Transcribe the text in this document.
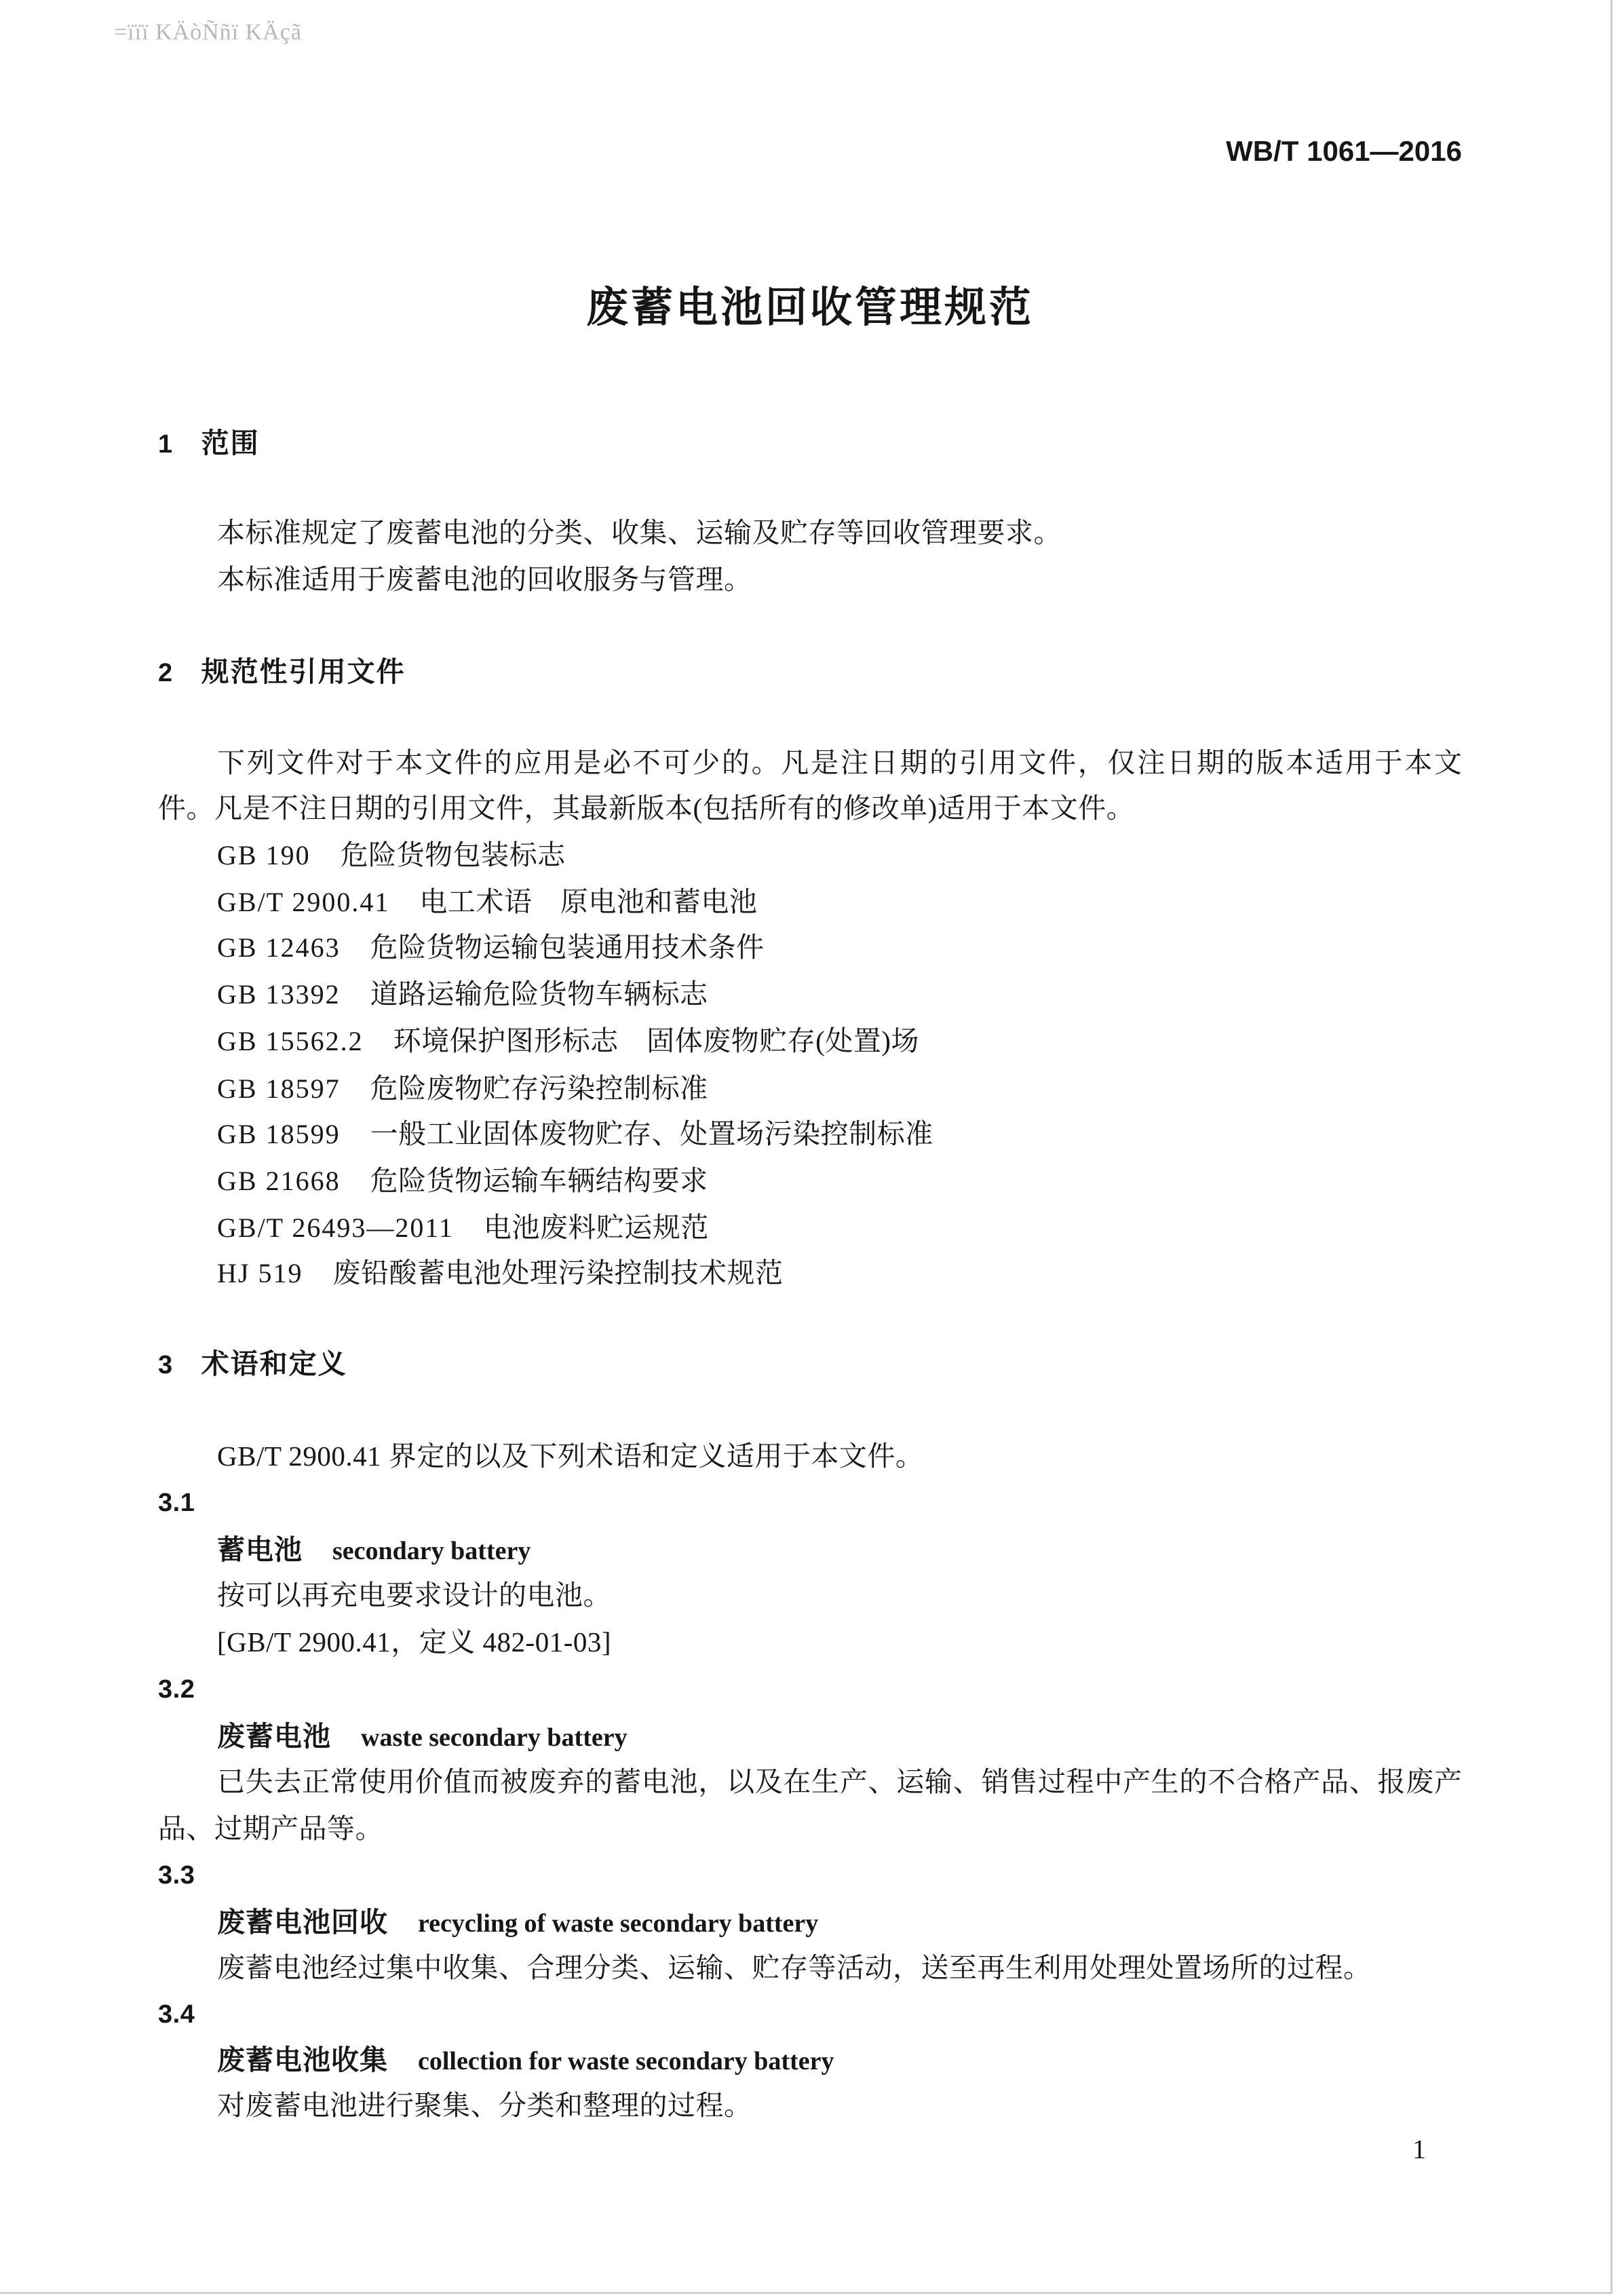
=ïïï KÄòÑñï KÄçã
WB/T 1061—2016
废蓄电池回收管理规范
1 范围
本标准规定了废蓄电池的分类、收集、运输及贮存等回收管理要求。
本标准适用于废蓄电池的回收服务与管理。
2 规范性引用文件
下列文件对于本文件的应用是必不可少的。凡是注日期的引用文件，仅注日期的版本适用于本文
件。凡是不注日期的引用文件，其最新版本(包括所有的修改单)适用于本文件。
GB 190 危险货物包装标志
GB/T 2900.41 电工术语　原电池和蓄电池
GB 12463 危险货物运输包装通用技术条件
GB 13392 道路运输危险货物车辆标志
GB 15562.2 环境保护图形标志　固体废物贮存(处置)场
GB 18597 危险废物贮存污染控制标准
GB 18599 一般工业固体废物贮存、处置场污染控制标准
GB 21668 危险货物运输车辆结构要求
GB/T 26493—2011 电池废料贮运规范
HJ 519 废铅酸蓄电池处理污染控制技术规范
3 术语和定义
GB/T 2900.41 界定的以及下列术语和定义适用于本文件。
3.1
蓄电池 secondary battery
按可以再充电要求设计的电池。
[GB/T 2900.41，定义 482-01-03]
3.2
废蓄电池 waste secondary battery
已失去正常使用价值而被废弃的蓄电池，以及在生产、运输、销售过程中产生的不合格产品、报废产
品、过期产品等。
3.3
废蓄电池回收 recycling of waste secondary battery
废蓄电池经过集中收集、合理分类、运输、贮存等活动，送至再生利用处理处置场所的过程。
3.4
废蓄电池收集 collection for waste secondary battery
对废蓄电池进行聚集、分类和整理的过程。
1
